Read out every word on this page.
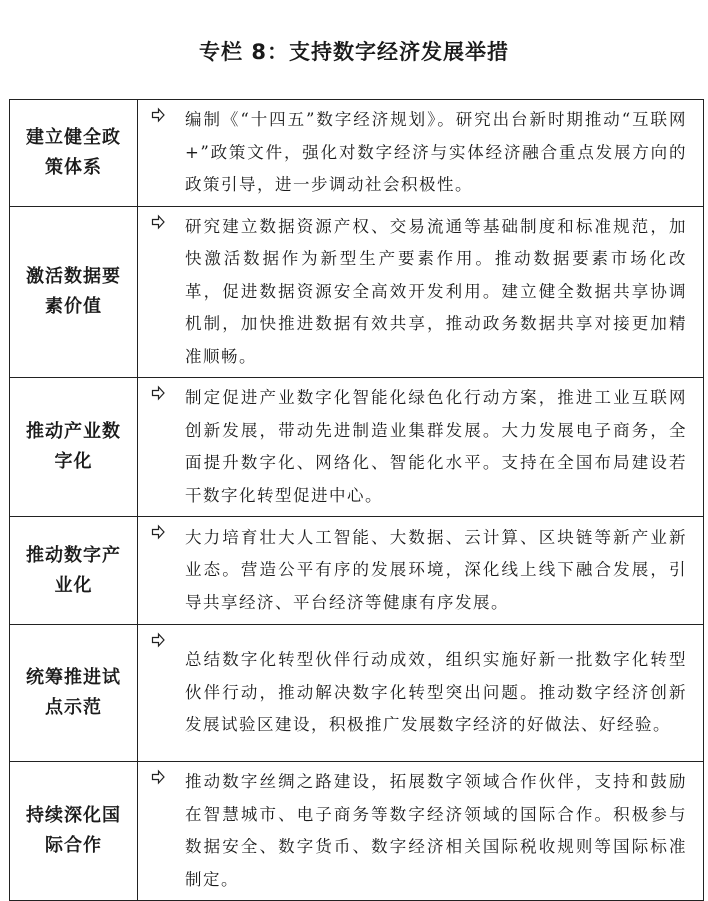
专栏 8：支持数字经济发展举措
建立健全政策体系	编制《“十四五”数字经济规划》。研究出台新时期推动“互联网+”政策文件，强化对数字经济与实体经济融合重点发展方向的政策引导，进一步调动社会积极性。

激活数据要素价值	研究建立数据资源产权、交易流通等基础制度和标准规范，加快激活数据作为新型生产要素作用。推动数据要素市场化改革，促进数据资源安全高效开发利用。建立健全数据共享协调机制，加快推进数据有效共享，推动政务数据共享对接更加精准顺畅。

推动产业数字化	制定促进产业数字化智能化绿色化行动方案，推进工业互联网创新发展，带动先进制造业集群发展。大力发展电子商务，全面提升数字化、网络化、智能化水平。支持在全国布局建设若干数字化转型促进中心。

推动数字产业化	大力培育壮大人工智能、大数据、云计算、区块链等新产业新业态。营造公平有序的发展环境，深化线上线下融合发展，引导共享经济、平台经济等健康有序发展。

统筹推进试点示范	总结数字化转型伙伴行动成效，组织实施好新一批数字化转型伙伴行动，推动解决数字化转型突出问题。推动数字经济创新发展试验区建设，积极推广发展数字经济的好做法、好经验。

持续深化国际合作	推动数字丝绸之路建设，拓展数字领域合作伙伴，支持和鼓励在智慧城市、电子商务等数字经济领域的国际合作。积极参与数据安全、数字货币、数字经济相关国际税收规则等国际标准制定。
